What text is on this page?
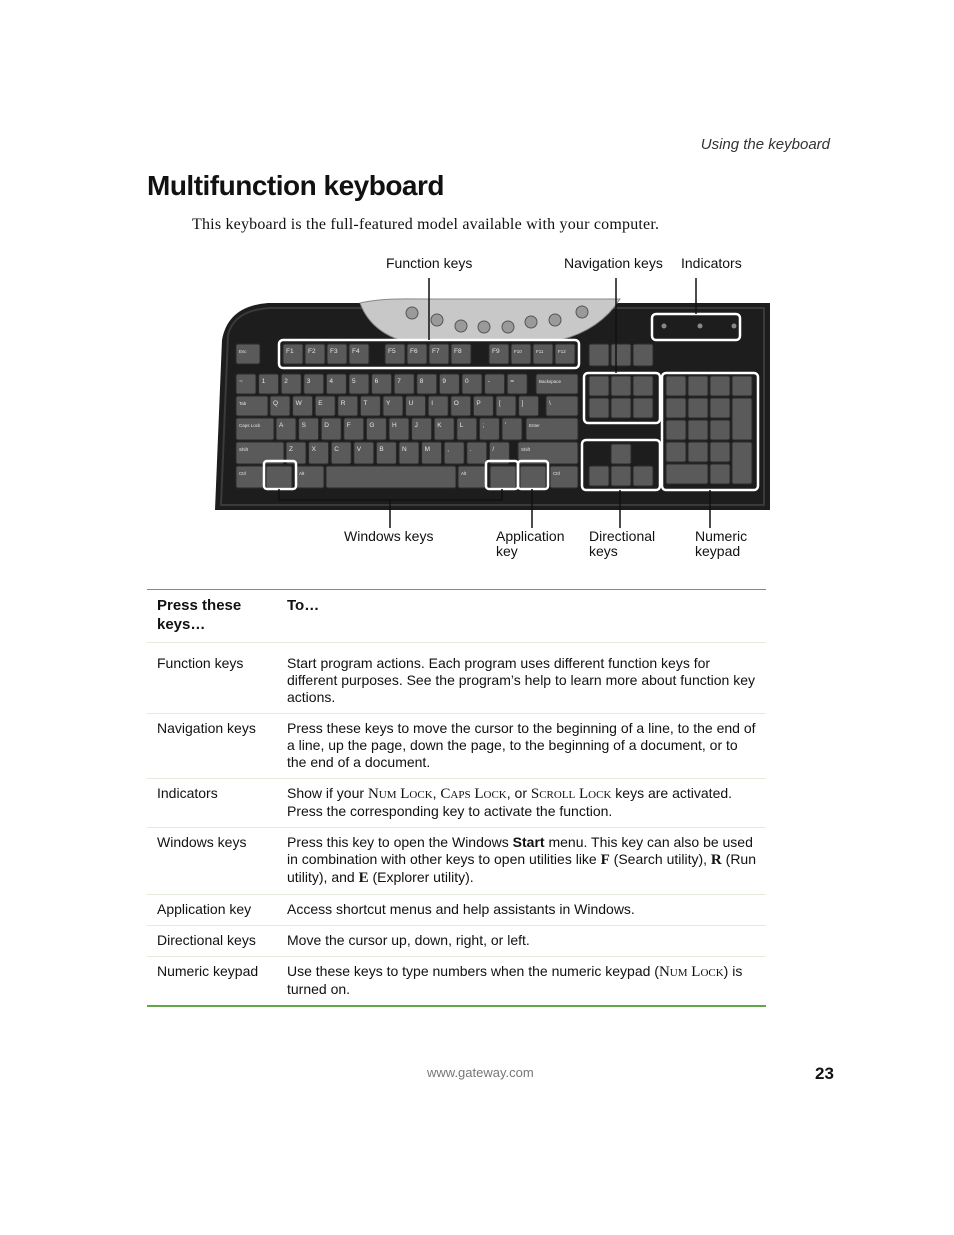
Using the keyboard
Multifunction keyboard
This keyboard is the full-featured model available with your computer.
Function keys	Navigation keys Indicators
Windows keys	Application
key
Directional
keys
Numeric
keypad
Esc	F1 F2 F3 F4	F5 F6 F7 F8	F9	F10	F11	F12
~	1	2	3	4	5	6	7	8	9	0	-	=	Backspace
Tab	Q	W	E	R	T	Y	U	I	O	P	[	]	\
Caps Lock	A	S	D	F	G	H	J	K	L	;	'	Enter
Shift	Z	X	C	V	B	N	M	,	.	/	Shift
Ctrl	Alt	Alt	Ctrl
Press these keys…	To…
Function keys	Start program actions. Each program uses different function keys for different purposes. See the program’s help to learn more about function key actions.
Navigation keys	Press these keys to move the cursor to the beginning of a line, to the end of a line, up the page, down the page, to the beginning of a document, or to the end of a document.
Indicators	Show if your Num Lock, Caps Lock, or Scroll Lock keys are activated. Press the corresponding key to activate the function.
Windows keys	Press this key to open the Windows Start menu. This key can also be used in combination with other keys to open utilities like F (Search utility), R (Run utility), and E (Explorer utility).
Application key	Access shortcut menus and help assistants in Windows.
Directional keys	Move the cursor up, down, right, or left.
Numeric keypad	Use these keys to type numbers when the numeric keypad (Num Lock) is turned on.
www.gateway.com	23
